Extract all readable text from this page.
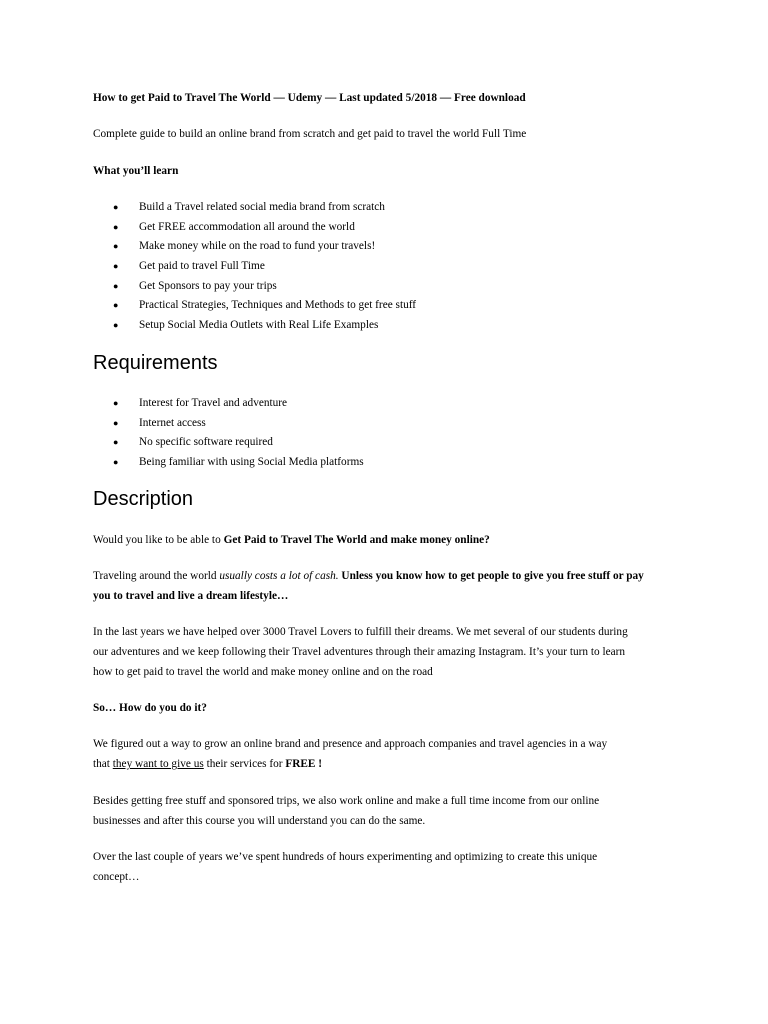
How to get Paid to Travel The World — Udemy — Last updated 5/2018 — Free download

Complete guide to build an online brand from scratch and get paid to travel the world Full Time

What you’ll learn

● Build a Travel related social media brand from scratch
● Get FREE accommodation all around the world
● Make money while on the road to fund your travels!
● Get paid to travel Full Time
● Get Sponsors to pay your trips
● Practical Strategies, Techniques and Methods to get free stuff
● Setup Social Media Outlets with Real Life Examples
Requirements
● Interest for Travel and adventure
● Internet access
● No specific software required
● Being familiar with using Social Media platforms
Description

Would you like to be able to Get Paid to Travel The World and make money online?

Traveling around the world usually costs a lot of cash. Unless you know how to get people to give you free stuff or pay

you to travel and live a dream lifestyle…

In the last years we have helped over 3000 Travel Lovers to fulfill their dreams. We met several of our students during

our adventures and we keep following their Travel adventures through their amazing Instagram. It’s your turn to learn

how to get paid to travel the world and make money online and on the road

So… How do you do it?

We figured out a way to grow an online brand and presence and approach companies and travel agencies in a way

that they want to give us their services for FREE !

Besides getting free stuff and sponsored trips, we also work online and make a full time income from our online

businesses and after this course you will understand you can do the same.

Over the last couple of years we’ve spent hundreds of hours experimenting and optimizing to create this unique

concept…
